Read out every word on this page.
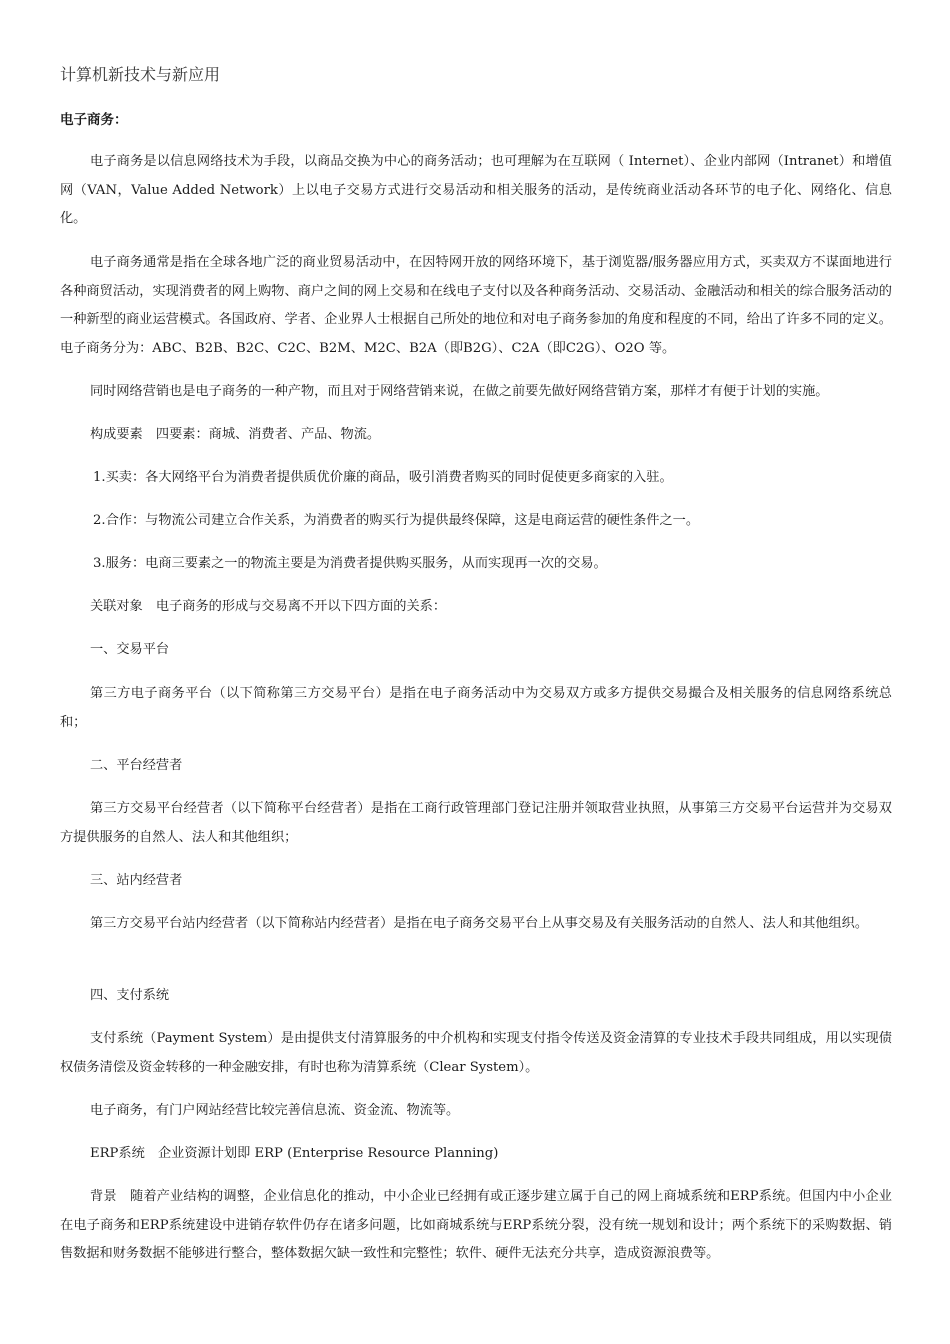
计算机新技术与新应用
电子商务：

电子商务是以信息网络技术为手段，以商品交换为中心的商务活动；也可理解为在互联网（ Internet）、企业内部网（Intranet）和增值网（VAN，Value Added Network）上以电子交易方式进行交易活动和相关服务的活动，是传统商业活动各环节的电子化、网络化、信息化。

电子商务通常是指在全球各地广泛的商业贸易活动中，在因特网开放的网络环境下，基于浏览器/服务器应用方式，买卖双方不谋面地进行各种商贸活动，实现消费者的网上购物、商户之间的网上交易和在线电子支付以及各种商务活动、交易活动、金融活动和相关的综合服务活动的一种新型的商业运营模式。各国政府、学者、企业界人士根据自己所处的地位和对电子商务参加的角度和程度的不同，给出了许多不同的定义。电子商务分为：ABC、B2B、B2C、C2C、B2M、M2C、B2A（即B2G）、C2A（即C2G）、O2O 等。

同时网络营销也是电子商务的一种产物，而且对于网络营销来说，在做之前要先做好网络营销方案，那样才有便于计划的实施。

构成要素　四要素：商城、消费者、产品、物流。

1.买卖：各大网络平台为消费者提供质优价廉的商品，吸引消费者购买的同时促使更多商家的入驻。

2.合作：与物流公司建立合作关系，为消费者的购买行为提供最终保障，这是电商运营的硬性条件之一。

3.服务：电商三要素之一的物流主要是为消费者提供购买服务，从而实现再一次的交易。

关联对象　电子商务的形成与交易离不开以下四方面的关系：

一、交易平台

第三方电子商务平台（以下简称第三方交易平台）是指在电子商务活动中为交易双方或多方提供交易撮合及相关服务的信息网络系统总和；

二、平台经营者

第三方交易平台经营者（以下简称平台经营者）是指在工商行政管理部门登记注册并领取营业执照，从事第三方交易平台运营并为交易双方提供服务的自然人、法人和其他组织；

三、站内经营者

第三方交易平台站内经营者（以下简称站内经营者）是指在电子商务交易平台上从事交易及有关服务活动的自然人、法人和其他组织。

四、支付系统

支付系统（Payment System）是由提供支付清算服务的中介机构和实现支付指令传送及资金清算的专业技术手段共同组成，用以实现债权债务清偿及资金转移的一种金融安排，有时也称为清算系统（Clear System）。

电子商务，有门户网站经营比较完善信息流、资金流、物流等。

ERP系统　企业资源计划即 ERP (Enterprise Resource Planning)

背景　随着产业结构的调整，企业信息化的推动，中小企业已经拥有或正逐步建立属于自己的网上商城系统和ERP系统。但国内中小企业在电子商务和ERP系统建设中进销存软件仍存在诸多问题，比如商城系统与ERP系统分裂，没有统一规划和设计；两个系统下的采购数据、销售数据和财务数据不能够进行整合，整体数据欠缺一致性和完整性；软件、硬件无法充分共享，造成资源浪费等。
